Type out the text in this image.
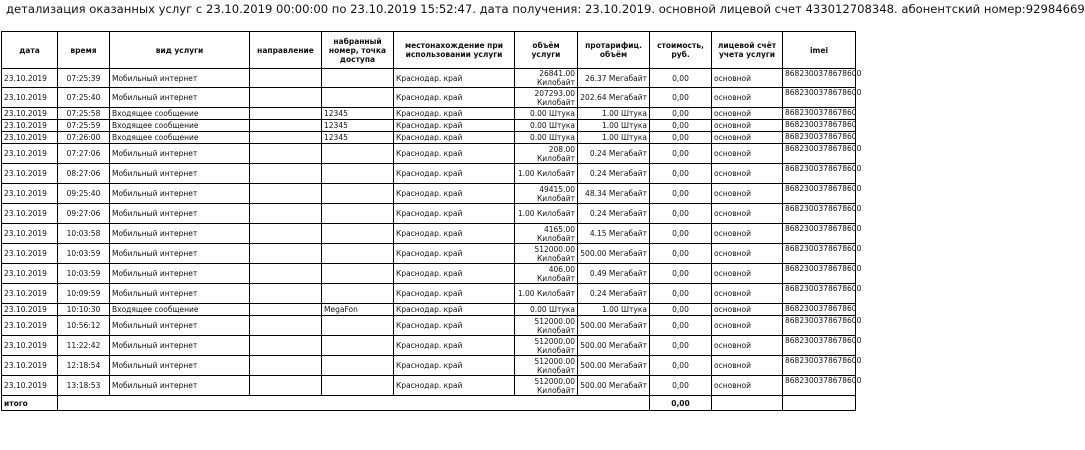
детализация оказанных услуг с 23.10.2019 00:00:00 по 23.10.2019 15:52:47. дата получения: 23.10.2019. основной лицевой счет 433012708348. абонентский номер:92984669
дата	время	вид услуги	направление	набранный номер, точка доступа	местонахождение при использовании услуги	объём услуги	протарифиц. объём	стоимость, руб.	лицевой счёт учета услуги	imei
23.10.2019	07:25:39	Мобильный интернет			Краснодар. край	26841.00 Килобайт	26.37 Мегабайт	0,00	основной	868230037867860​0
23.10.2019	07:25:40	Мобильный интернет			Краснодар. край	207293.00 Килобайт	202.64 Мегабайт	0,00	основной	8682300378678600
23.10.2019	07:25:58	Входящее сообщение		12345	Краснодар. край	0.00 Штука	1.00 Штука	0,00	основной	868230037867860
23.10.2019	07:25:59	Входящее сообщение		12345	Краснодар. край	0.00 Штука	1.00 Штука	0,00	основной	868230037867860
23.10.2019	07:26:00	Входящее сообщение		12345	Краснодар. край	0.00 Штука	1.00 Штука	0,00	основной	868230037867860
23.10.2019	07:27:06	Мобильный интернет			Краснодар. край	208.00 Килобайт	0.24 Мегабайт	0,00	основной	8682300378678600
23.10.2019	08:27:06	Мобильный интернет			Краснодар. край	1.00 Килобайт	0.24 Мегабайт	0,00	основной	8682300378678600
23.10.2019	09:25:40	Мобильный интернет			Краснодар. край	49415.00 Килобайт	48.34 Мегабайт	0,00	основной	8682300378678600
23.10.2019	09:27:06	Мобильный интернет			Краснодар. край	1.00 Килобайт	0.24 Мегабайт	0,00	основной	8682300378678600
23.10.2019	10:03:58	Мобильный интернет			Краснодар. край	4165.00 Килобайт	4.15 Мегабайт	0,00	основной	8682300378678600
23.10.2019	10:03:59	Мобильный интернет			Краснодар. край	512000.00 Килобайт	500.00 Мегабайт	0,00	основной	8682300378678600
23.10.2019	10:03:59	Мобильный интернет			Краснодар. край	406.00 Килобайт	0.49 Мегабайт	0,00	основной	8682300378678600
23.10.2019	10:09:59	Мобильный интернет			Краснодар. край	1.00 Килобайт	0.24 Мегабайт	0,00	основной	8682300378678600
23.10.2019	10:10:30	Входящее сообщение		MegaFon	Краснодар. край	0.00 Штука	1.00 Штука	0,00	основной	868230037867860
23.10.2019	10:56:12	Мобильный интернет			Краснодар. край	512000.00 Килобайт	500.00 Мегабайт	0,00	основной	8682300378678600
23.10.2019	11:22:42	Мобильный интернет			Краснодар. край	512000.00 Килобайт	500.00 Мегабайт	0,00	основной	8682300378678600
23.10.2019	12:18:54	Мобильный интернет			Краснодар. край	512000.00 Килобайт	500.00 Мегабайт	0,00	основной	8682300378678600
23.10.2019	13:18:53	Мобильный интернет			Краснодар. край	512000.00 Килобайт	500.00 Мегабайт	0,00	основной	8682300378678600
итого								0,00		
